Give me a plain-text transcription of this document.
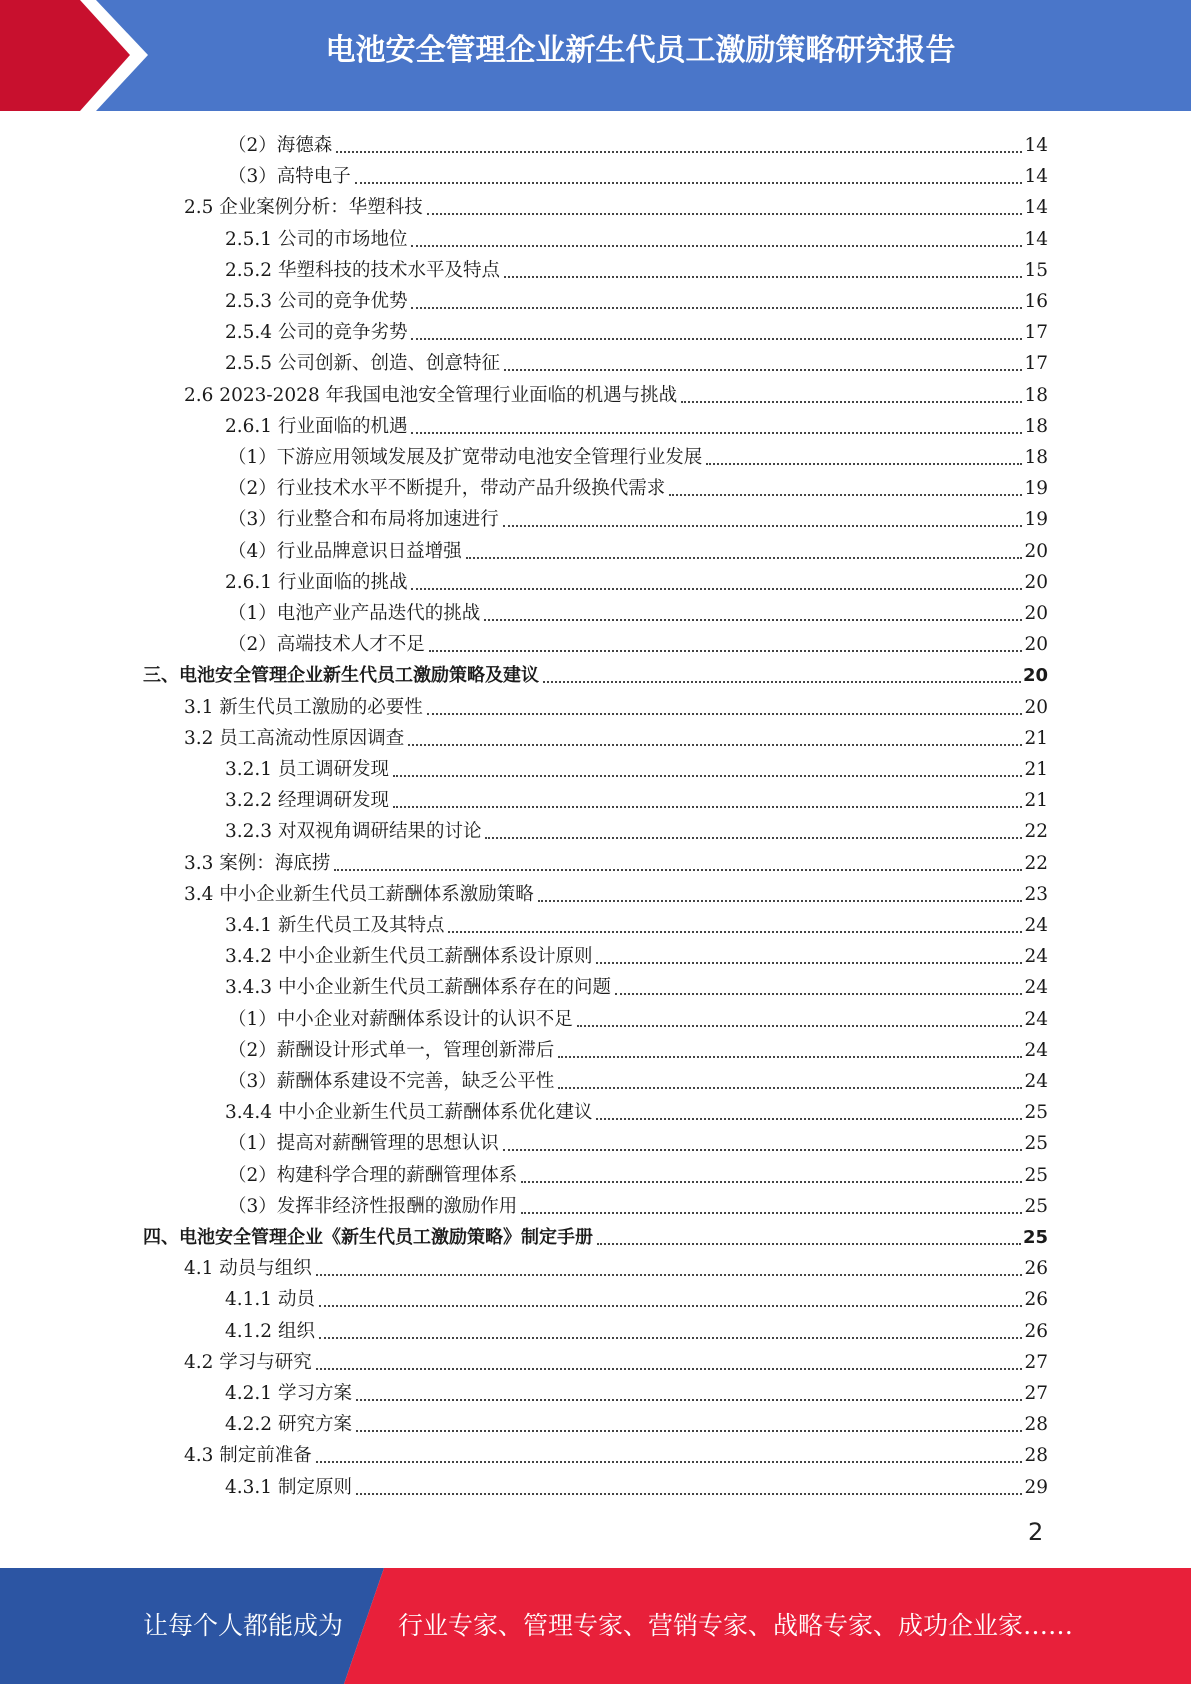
电池安全管理企业新生代员工激励策略研究报告
（2）海德森	14
（3）高特电子	14
2.5 企业案例分析：华塑科技	14
2.5.1 公司的市场地位	14
2.5.2 华塑科技的技术水平及特点	15
2.5.3 公司的竞争优势	16
2.5.4 公司的竞争劣势	17
2.5.5 公司创新、创造、创意特征	17
2.6 2023-2028 年我国电池安全管理行业面临的机遇与挑战	18
2.6.1 行业面临的机遇	18
（1）下游应用领域发展及扩宽带动电池安全管理行业发展	18
（2）行业技术水平不断提升，带动产品升级换代需求	19
（3）行业整合和布局将加速进行	19
（4）行业品牌意识日益增强	20
2.6.1 行业面临的挑战	20
（1）电池产业产品迭代的挑战	20
（2）高端技术人才不足	20
三、电池安全管理企业新生代员工激励策略及建议	20
3.1 新生代员工激励的必要性	20
3.2 员工高流动性原因调查	21
3.2.1 员工调研发现	21
3.2.2 经理调研发现	21
3.2.3 对双视角调研结果的讨论	22
3.3 案例：海底捞	22
3.4 中小企业新生代员工薪酬体系激励策略	23
3.4.1 新生代员工及其特点	24
3.4.2 中小企业新生代员工薪酬体系设计原则	24
3.4.3 中小企业新生代员工薪酬体系存在的问题	24
（1）中小企业对薪酬体系设计的认识不足	24
（2）薪酬设计形式单一，管理创新滞后	24
（3）薪酬体系建设不完善，缺乏公平性	24
3.4.4 中小企业新生代员工薪酬体系优化建议	25
（1）提高对薪酬管理的思想认识	25
（2）构建科学合理的薪酬管理体系	25
（3）发挥非经济性报酬的激励作用	25
四、电池安全管理企业《新生代员工激励策略》制定手册	25
4.1 动员与组织	26
4.1.1 动员	26
4.1.2 组织	26
4.2 学习与研究	27
4.2.1 学习方案	27
4.2.2 研究方案	28
4.3 制定前准备	28
4.3.1 制定原则	29
2
让每个人都能成为 行业专家、管理专家、营销专家、战略专家、成功企业家……
